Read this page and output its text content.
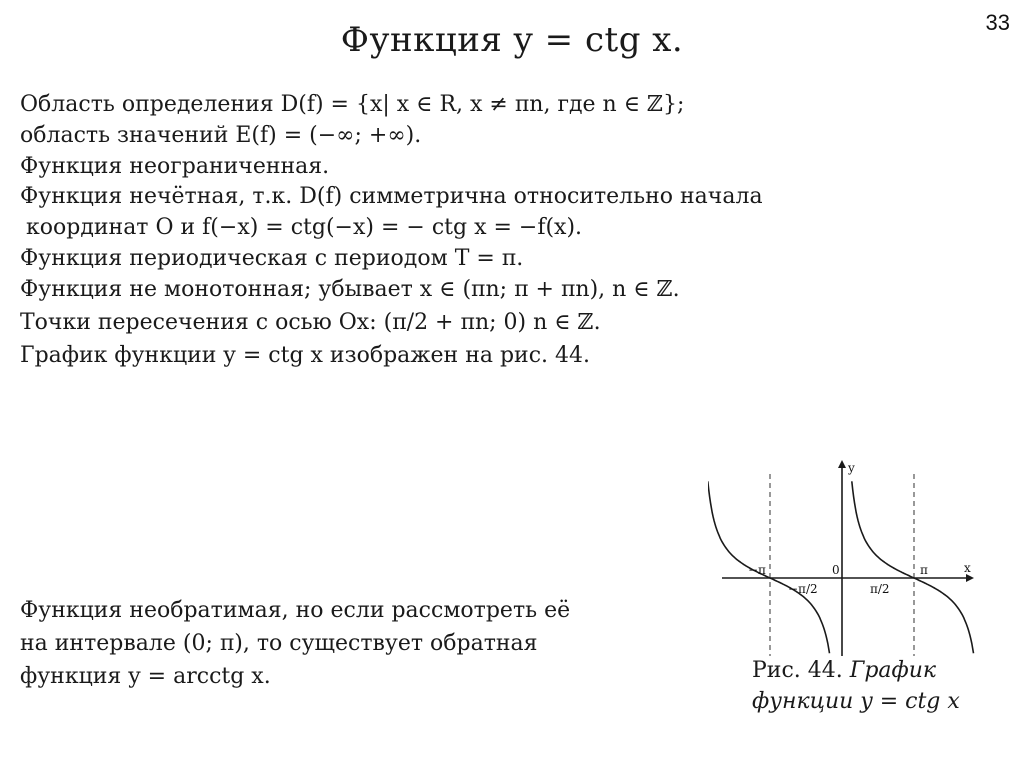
33
Функция y = ctg x.
Область определения D(f) = {x| x ∈ R, x ≠ πn, где n ∈ ℤ};
область значений E(f) = (−∞; +∞).
Функция неограниченная.
Функция нечётная, т.к. D(f) симметрична относительно начала
координат O и f(−x) = ctg(−x) = − ctg x = −f(x).
Функция периодическая с периодом T = π.
Функция не монотонная; убывает x ∈ (πn; π + πn), n ∈ ℤ.
Точки пересечения с осью Ох: (π/2 + πn; 0) n ∈ ℤ.
График функции y = ctg x изображен на рис. 44.
Функция необратимая, но если рассмотреть её
на интервале (0; π), то существует обратная
функция y = arcctg x.
y
x
0
−π
−π/2	π/2
π
Рис. 44. График
функции y = ctg x
